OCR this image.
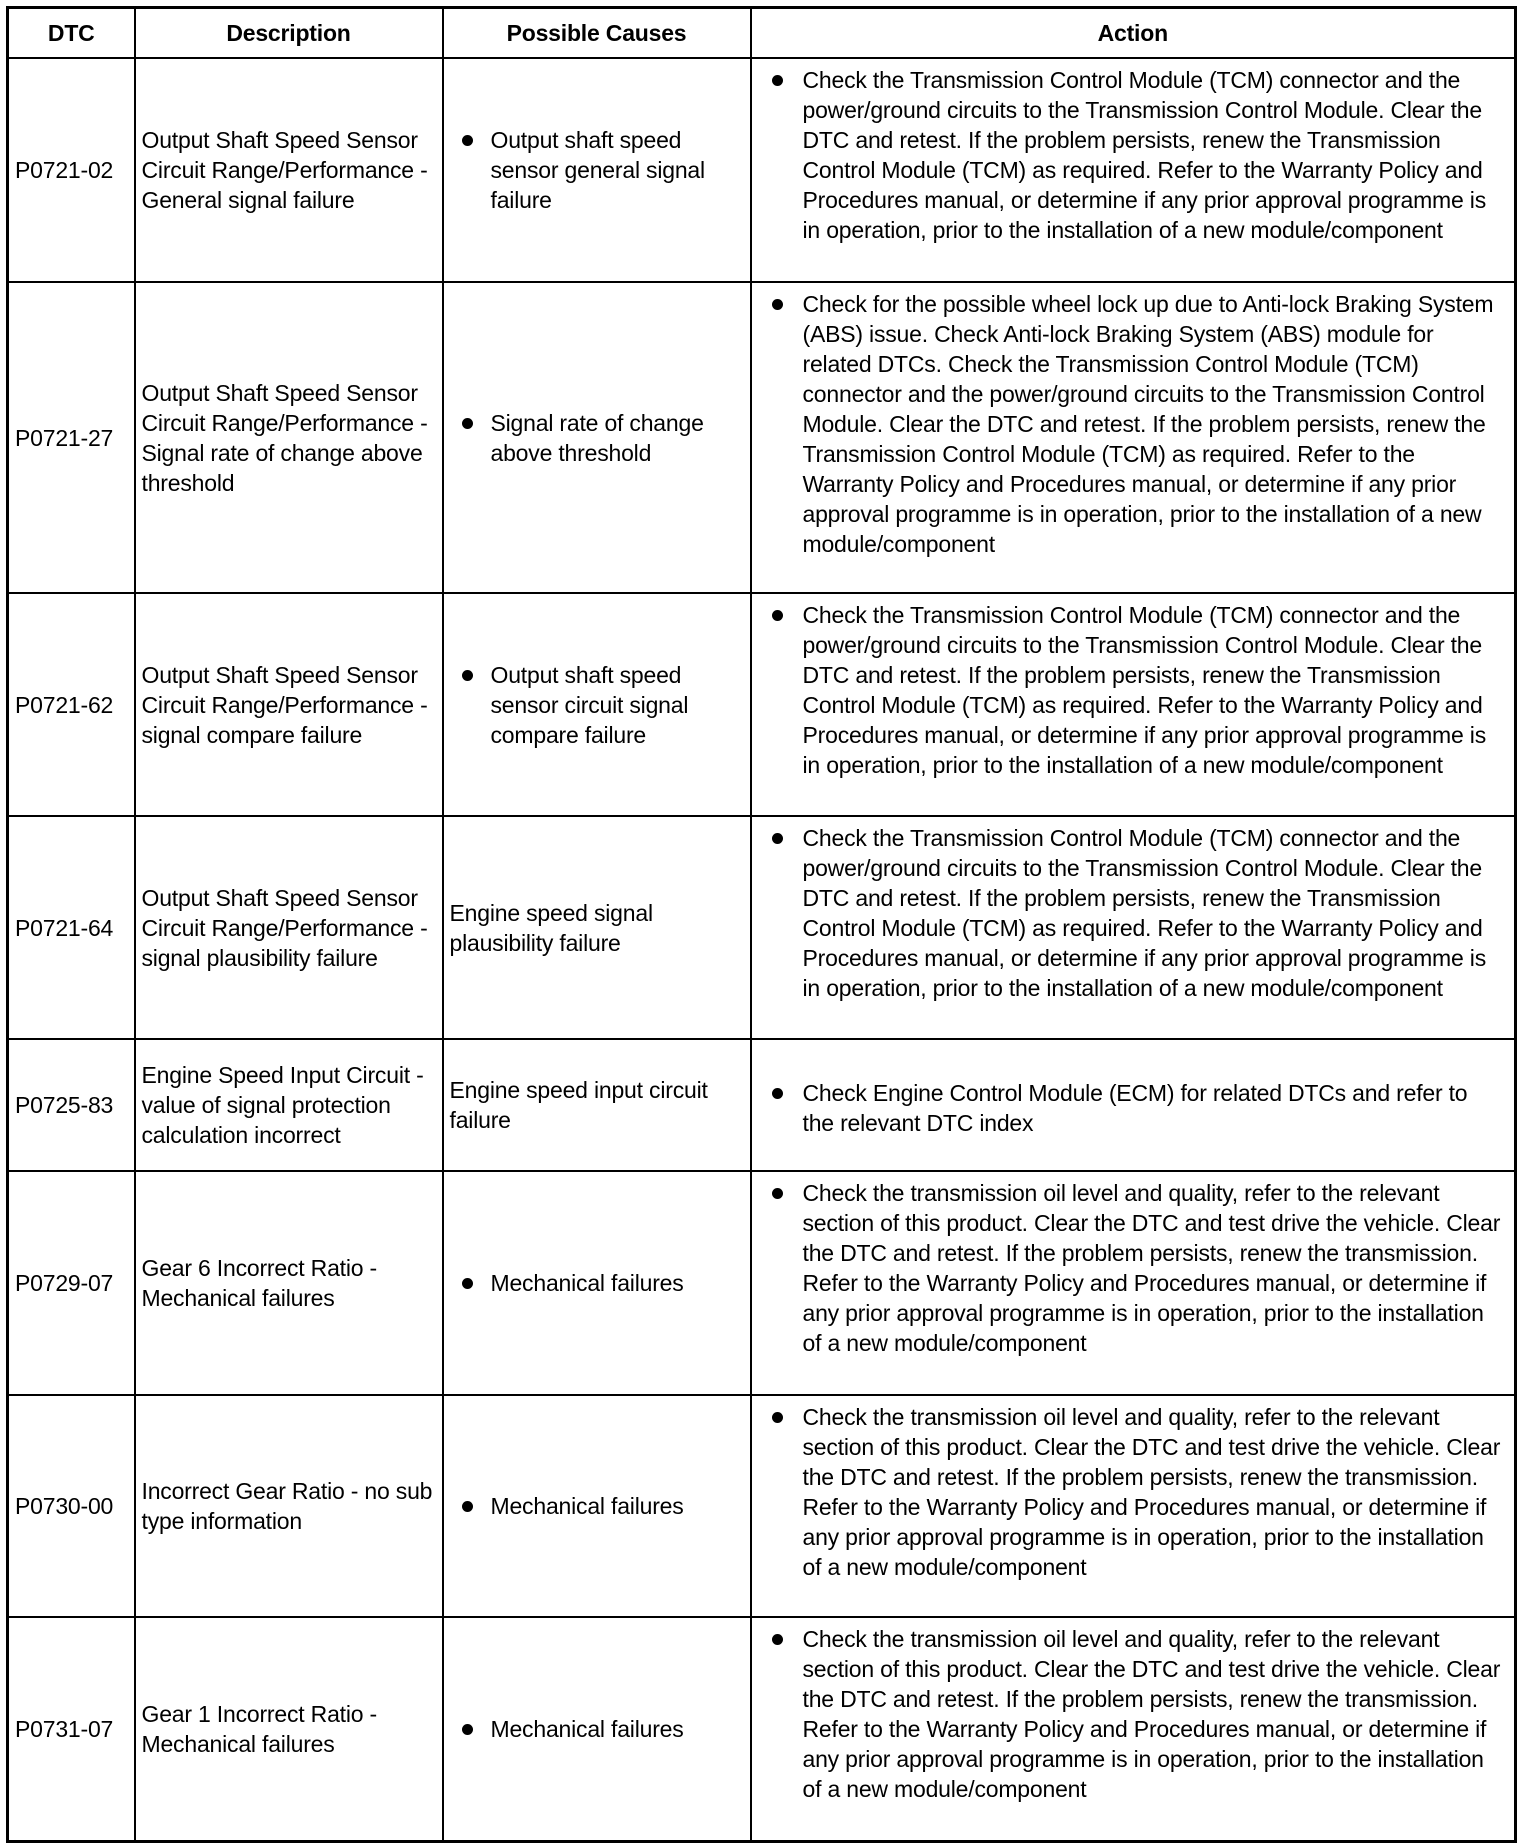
DTC	Description	Possible Causes	Action
P0721-02	Output Shaft Speed Sensor Circuit Range/Performance - General signal failure	Output shaft speed sensor general signal failure	Check the Transmission Control Module (TCM) connector and the power/ground circuits to the Transmission Control Module. Clear the DTC and retest. If the problem persists, renew the Transmission Control Module (TCM) as required. Refer to the Warranty Policy and Procedures manual, or determine if any prior approval programme is in operation, prior to the installation of a new module/component

P0721-27	Output Shaft Speed Sensor Circuit Range/Performance - Signal rate of change above threshold	Signal rate of change above threshold	Check for the possible wheel lock up due to Anti-lock Braking System (ABS) issue. Check Anti-lock Braking System (ABS) module for related DTCs. Check the Transmission Control Module (TCM) connector and the power/ground circuits to the Transmission Control Module. Clear the DTC and retest. If the problem persists, renew the Transmission Control Module (TCM) as required. Refer to the Warranty Policy and Procedures manual, or determine if any prior approval programme is in operation, prior to the installation of a new module/component

P0721-62	Output Shaft Speed Sensor Circuit Range/Performance - signal compare failure	Output shaft speed sensor circuit signal compare failure	Check the Transmission Control Module (TCM) connector and the power/ground circuits to the Transmission Control Module. Clear the DTC and retest. If the problem persists, renew the Transmission Control Module (TCM) as required. Refer to the Warranty Policy and Procedures manual, or determine if any prior approval programme is in operation, prior to the installation of a new module/component

P0721-64	Output Shaft Speed Sensor Circuit Range/Performance - signal plausibility failure	Engine speed signal plausibility failure	Check the Transmission Control Module (TCM) connector and the power/ground circuits to the Transmission Control Module. Clear the DTC and retest. If the problem persists, renew the Transmission Control Module (TCM) as required. Refer to the Warranty Policy and Procedures manual, or determine if any prior approval programme is in operation, prior to the installation of a new module/component

P0725-83	Engine Speed Input Circuit - value of signal protection calculation incorrect	Engine speed input circuit failure	Check Engine Control Module (ECM) for related DTCs and refer to the relevant DTC index

P0729-07	Gear 6 Incorrect Ratio - Mechanical failures	Mechanical failures	Check the transmission oil level and quality, refer to the relevant section of this product. Clear the DTC and test drive the vehicle. Clear the DTC and retest. If the problem persists, renew the transmission. Refer to the Warranty Policy and Procedures manual, or determine if any prior approval programme is in operation, prior to the installation of a new module/component

P0730-00	Incorrect Gear Ratio - no sub type information	Mechanical failures	Check the transmission oil level and quality, refer to the relevant section of this product. Clear the DTC and test drive the vehicle. Clear the DTC and retest. If the problem persists, renew the transmission. Refer to the Warranty Policy and Procedures manual, or determine if any prior approval programme is in operation, prior to the installation of a new module/component

P0731-07	Gear 1 Incorrect Ratio - Mechanical failures	Mechanical failures	Check the transmission oil level and quality, refer to the relevant section of this product. Clear the DTC and test drive the vehicle. Clear the DTC and retest. If the problem persists, renew the transmission. Refer to the Warranty Policy and Procedures manual, or determine if any prior approval programme is in operation, prior to the installation of a new module/component
